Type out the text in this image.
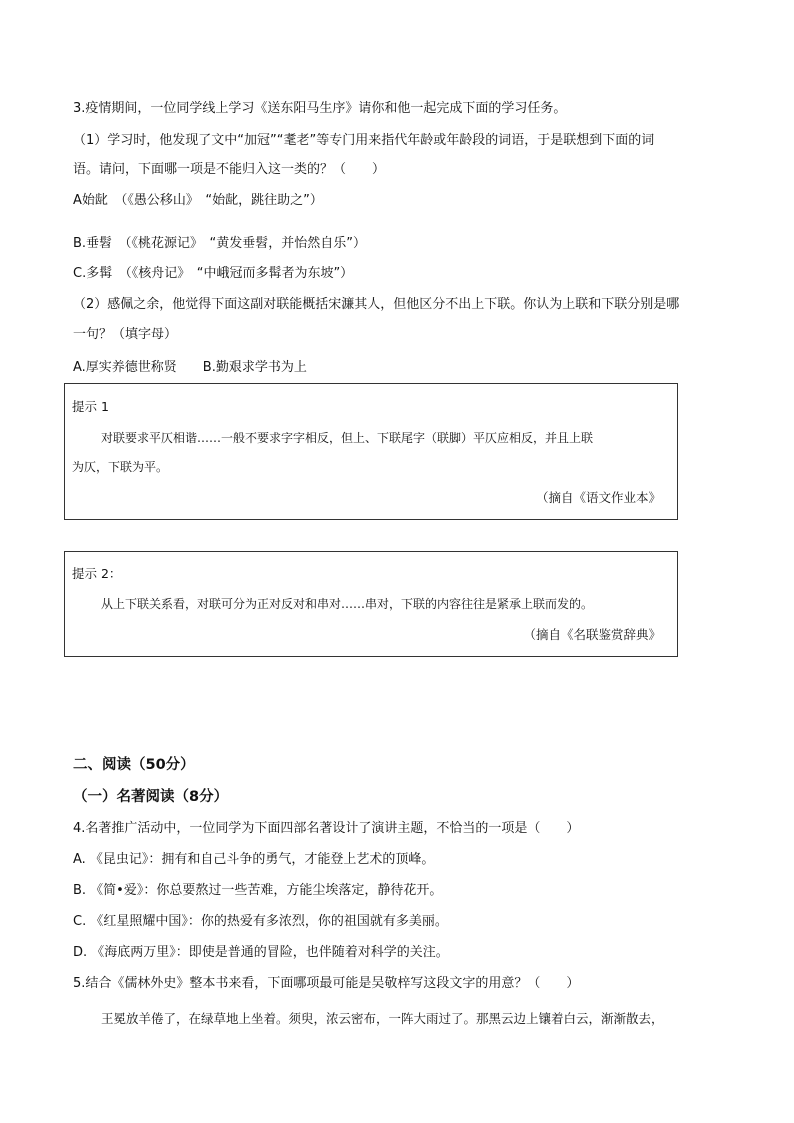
3.疫情期间，一位同学线上学习《送东阳马生序》请你和他一起完成下面的学习任务。
（1）学习时，他发现了文中“加冠”“耄老”等专门用来指代年龄或年龄段的词语，于是联想到下面的词
语。请问，下面哪一项是不能归入这一类的？（　　）
A始龀　（《愚公移山》　“始龀，跳往助之”）
B.垂髫　（《桃花源记》　“黄发垂髫，并怡然自乐”）
C.多髯　（《核舟记》　“中峨冠而多髯者为东坡”）
（2）感佩之余，他觉得下面这副对联能概括宋濂其人，但他区分不出上下联。你认为上联和下联分别是哪
一句？（填字母）
A.厚实养德世称贤　　B.勤艰求学书为上
提示 1
对联要求平仄相谐……一般不要求字字相反，但上、下联尾字（联脚）平仄应相反，并且上联
为仄，下联为平。
（摘自《语文作业本》
提示 2：
从上下联关系看，对联可分为正对反对和串对……串对，下联的内容往往是紧承上联而发的。
（摘自《名联鉴赏辞典》
二、阅读（50分）
（一）名著阅读（8分）
4.名著推广活动中，一位同学为下面四部名著设计了演讲主题，不恰当的一项是（　　）
A. 《昆虫记》：拥有和自己斗争的勇气，才能登上艺术的顶峰。
B. 《简•爱》：你总要熬过一些苦难，方能尘埃落定，静待花开。
C. 《红星照耀中国》：你的热爱有多浓烈，你的祖国就有多美丽。
D. 《海底两万里》：即使是普通的冒险，也伴随着对科学的关注。
5.结合《儒林外史》整本书来看，下面哪项最可能是吴敬梓写这段文字的用意？（　　）
王冕放羊倦了，在绿草地上坐着。须臾，浓云密布，一阵大雨过了。那黑云边上镶着白云，渐渐散去，
